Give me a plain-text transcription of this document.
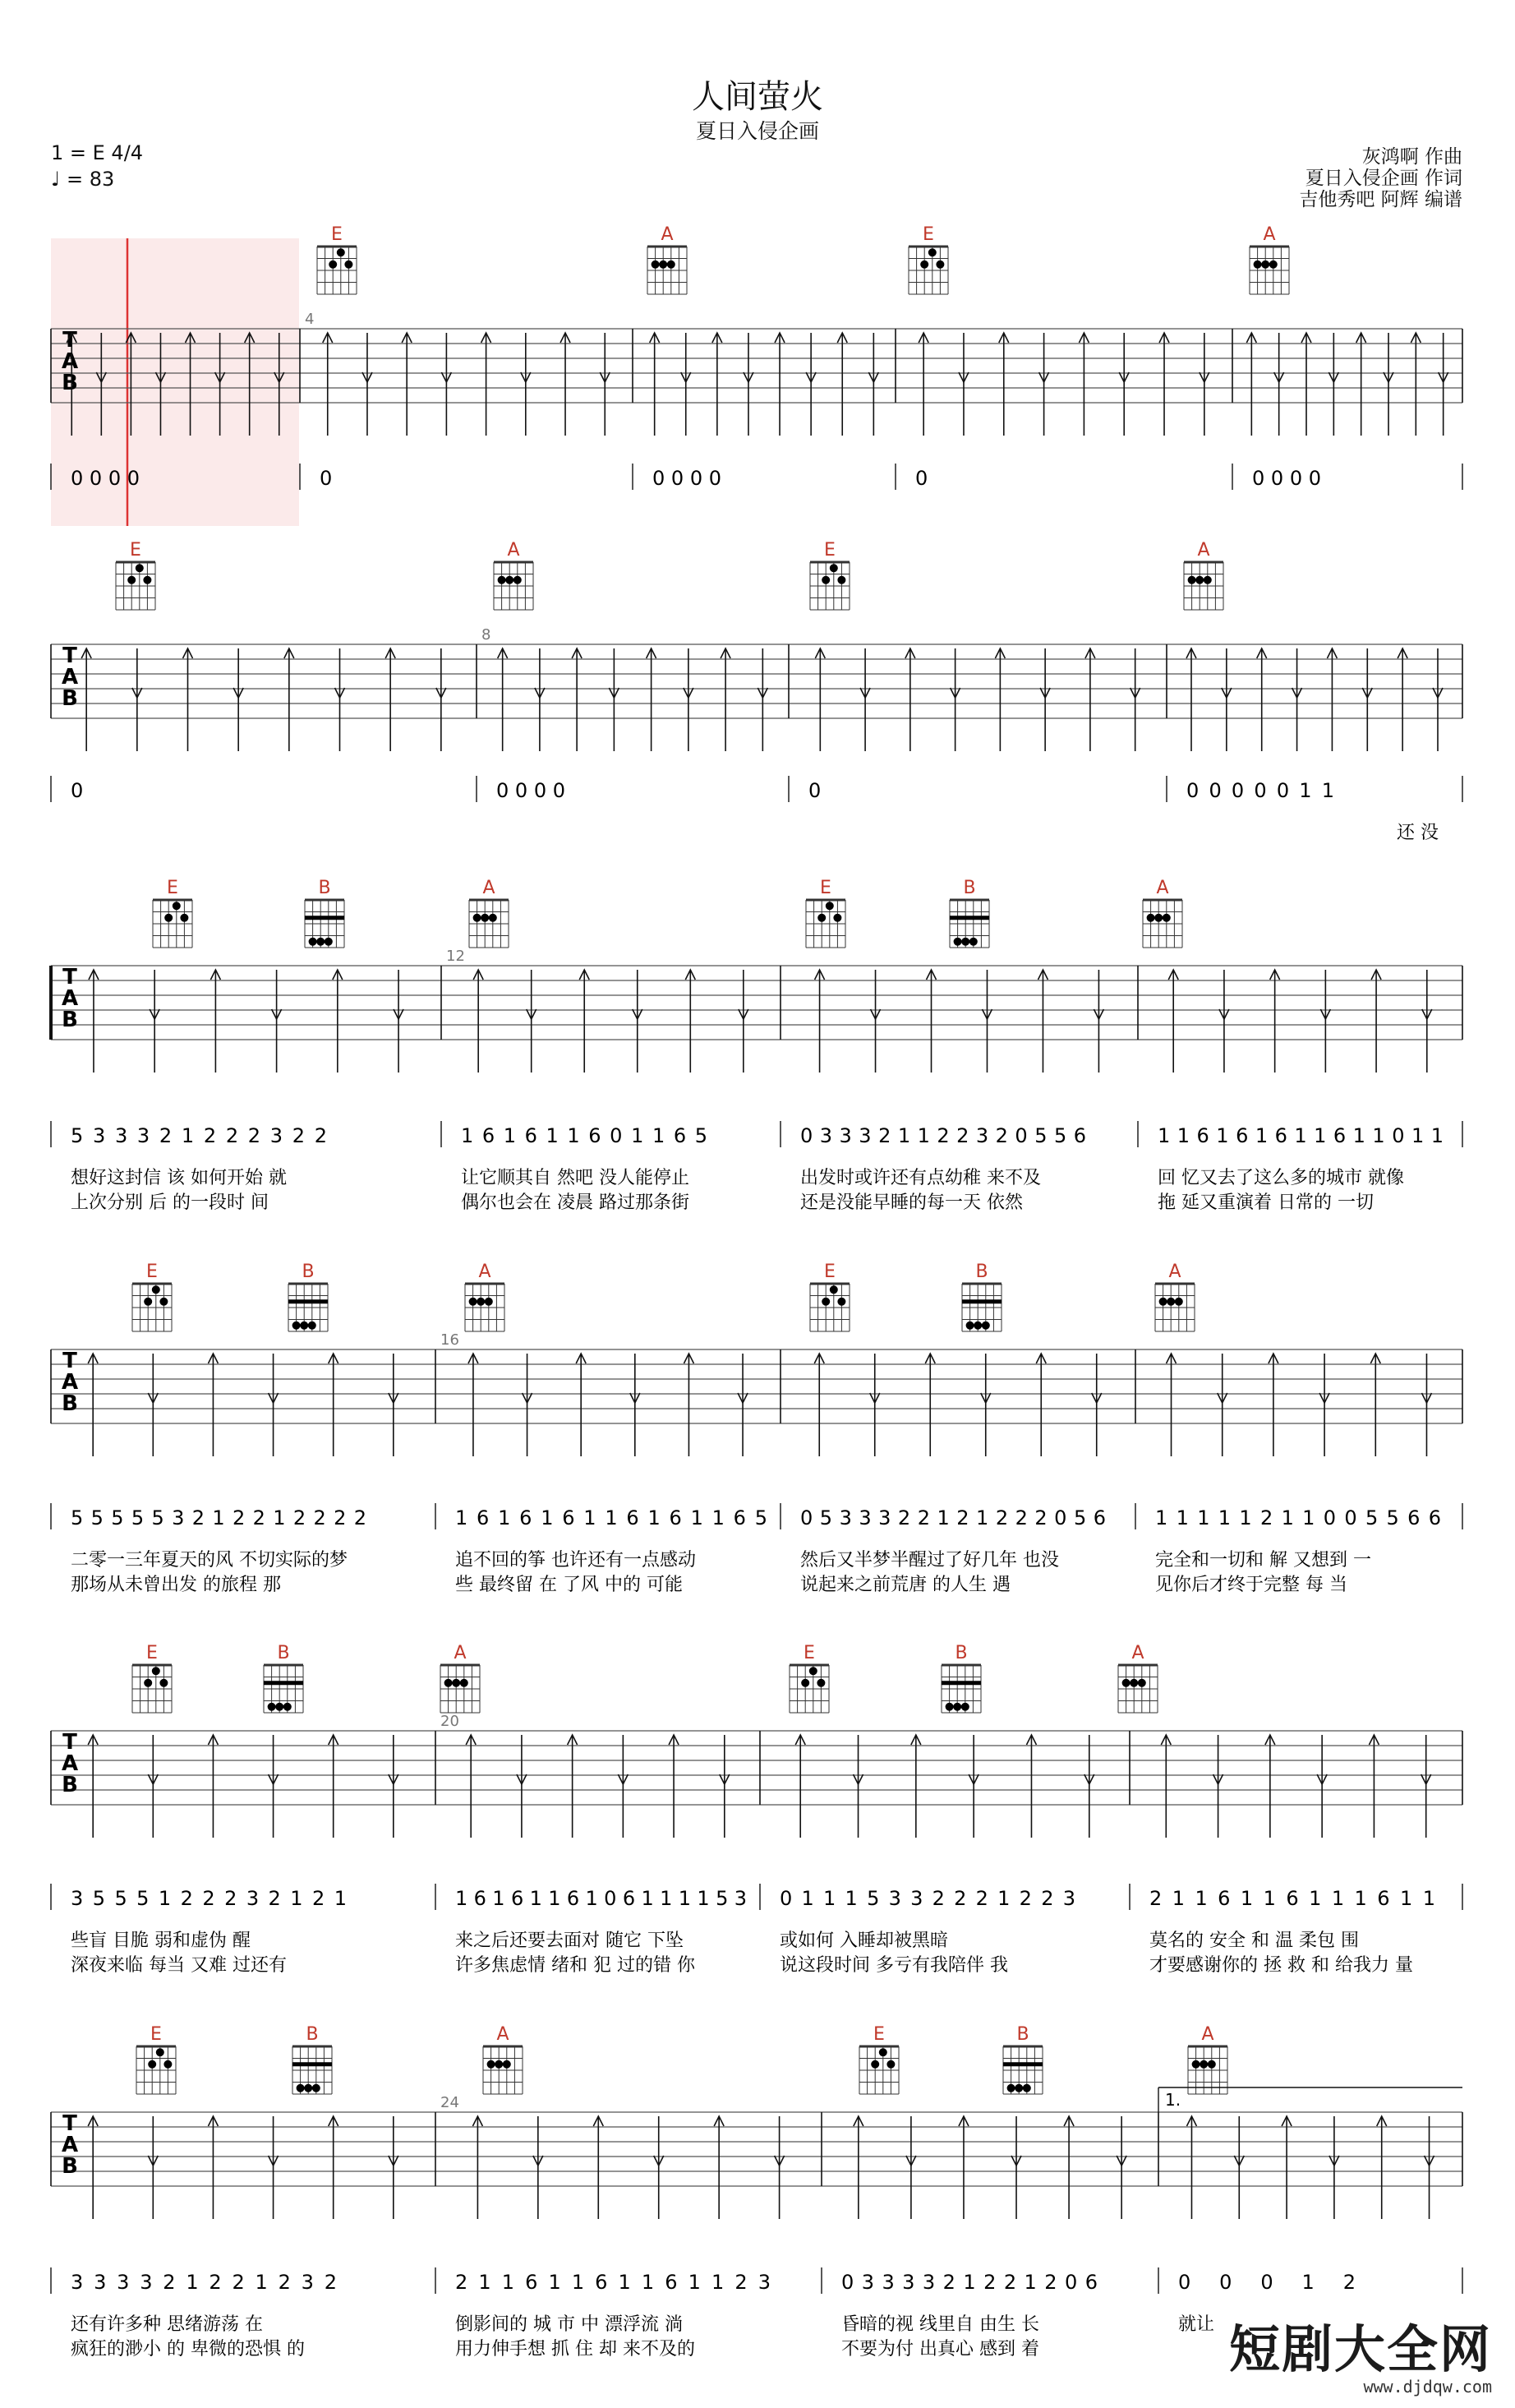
人间萤火
夏日入侵企画
1 = E 4/4
♩ = 83
灰鸿啊 作曲
夏日入侵企画 作词
吉他秀吧 阿辉 编谱
T
A
B
4
E	A	E	A
0 0 0 0	0	0 0 0 0	0	0 0 0 0
T
A
B
8
E	A	E	A
0	0 0 0 0	0	0 0 0 0 0 1 1
还 没
T
A
B
12
E	B	A	E	B	A
5 3 3 3 2 1 2 2 2 3 2 2	1 6 1 6 1 1 6 0 1 1 6 5	0 3 3 3 2 1 1 2 2 3 2 0 5 5 6	1 1 6 1 6 1 6 1 1 6 1 1 0 1 1
想好这封信 该 如何开始 就	让它顺其自 然吧 没人能停止	出发时或许还有点幼稚 来不及	回 忆又去了这么多的城市 就像
上次分别 后 的一段时 间	偶尔也会在 凌晨 路过那条街	还是没能早睡的每一天 依然	拖 延又重演着 日常的 一切
T
A
B
16
E	B	A	E	B	A
5 5 5 5 5 3 2 1 2 2 1 2 2 2 2	1 6 1 6 1 6 1 1 6 1 6 1 1 6 5 0 5 3 3 3 2 2 1 2 1 2 2 2 0 5 6	1 1 1 1 1 2 1 1 0 0 5 5 6 6
二零一三年夏天的风 不切实际的梦	追不回的筝 也许还有一点感动	然后又半梦半醒过了好几年 也没	完全和一切和 解 又想到 一
那场从未曾出发 的旅程 那	些 最终留 在 了风 中的 可能	说起来之前荒唐 的人生 遇	见你后才终于完整 每 当
T
A
B
20
E	B	A	E	B	A
3 5 5 5 1 2 2 2 3 2 1 2 1	1 6 1 6 1 1 6 1 0 6 1 1 1 1 5 3 0 1 1 1 5 3 3 2 2 2 1 2 2 3	2 1 1 6 1 1 6 1 1 1 6 1 1
些盲 目脆 弱和虚伪 醒	来之后还要去面对 随它 下坠	或如何 入睡却被黑暗	莫名的 安全 和 温 柔包 围
深夜来临 每当 又难 过还有	许多焦虑情 绪和 犯 过的错 你	说这段时间 多亏有我陪伴 我	才要感谢你的 拯 救 和 给我力 量
T
A
B
24
E	B	A	E	B	A
3 3 3 3 2 1 2 2 1 2 3 2	2 1 1 6 1 1 6 1 1 6 1 1 2 3	0 3 3 3 3 2 1 2 2 1 2 0 6	0 0 0 1 2
还有许多种 思绪游荡 在	倒影间的 城 市 中 漂浮流 淌	昏暗的视 线里自 由生 长	就让
疯狂的渺小 的 卑微的恐惧 的	用力伸手想 抓 住 却 来不及的	不要为付 出真心 感到 着
1.
短剧大全网
www.djdqw.com
